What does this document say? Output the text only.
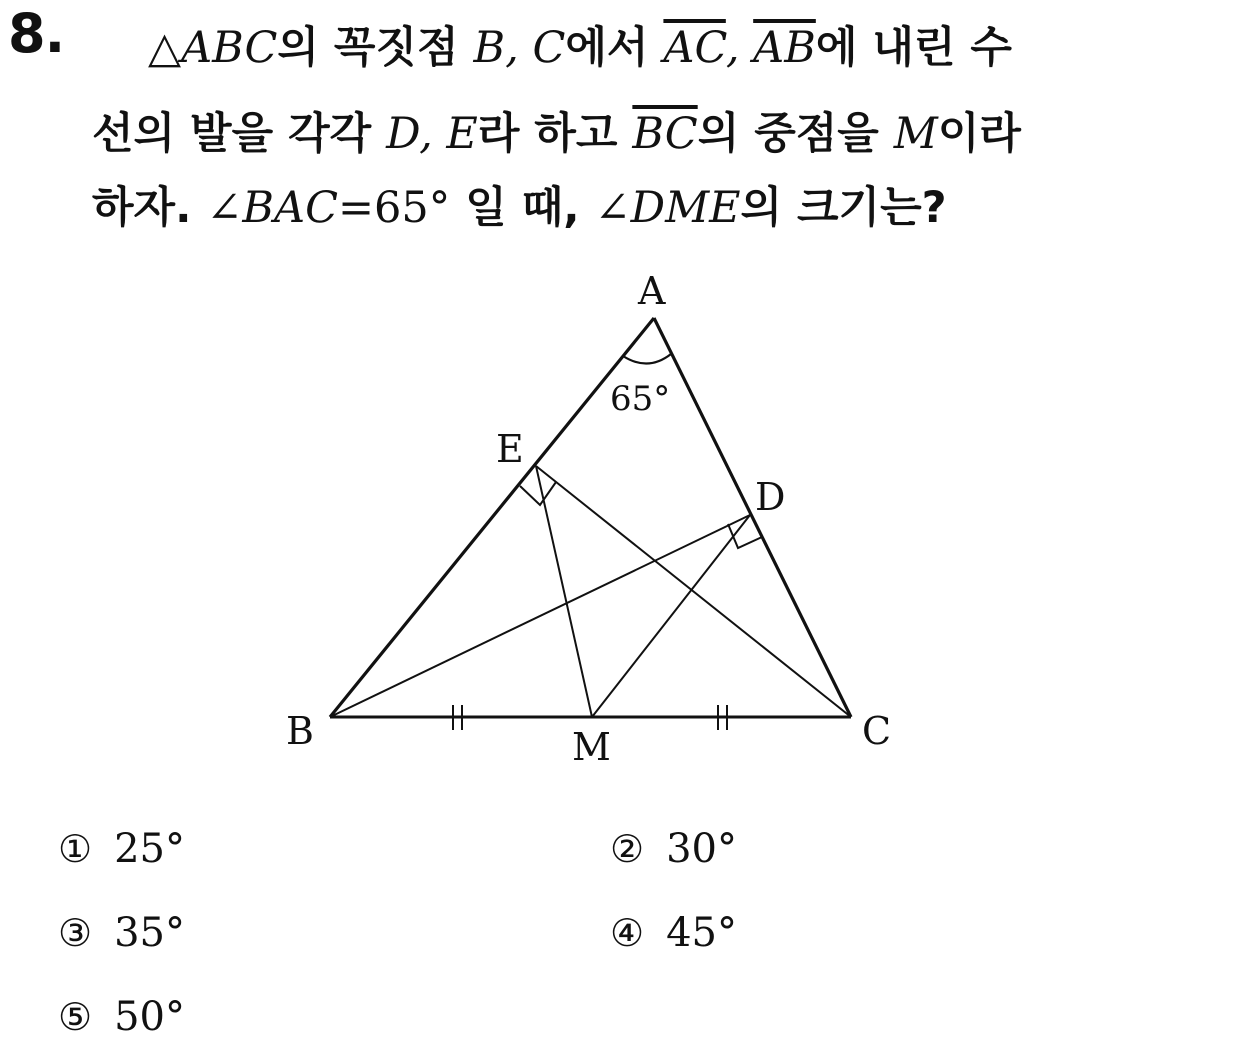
8. △ABC의 꼭짓점 B, C에서 $\overline{AC}$, $\overline{AB}$에 내린 수
선의 발을 각각 D, E라 하고 $\overline{BC}$의 중점을 M이라
하자. ∠BAC=65° 일 때, ∠DME의 크기는?
A
B	C
D
E
M
65°
① 25°	② 30°
③ 35°	④ 45°
⑤ 50°
